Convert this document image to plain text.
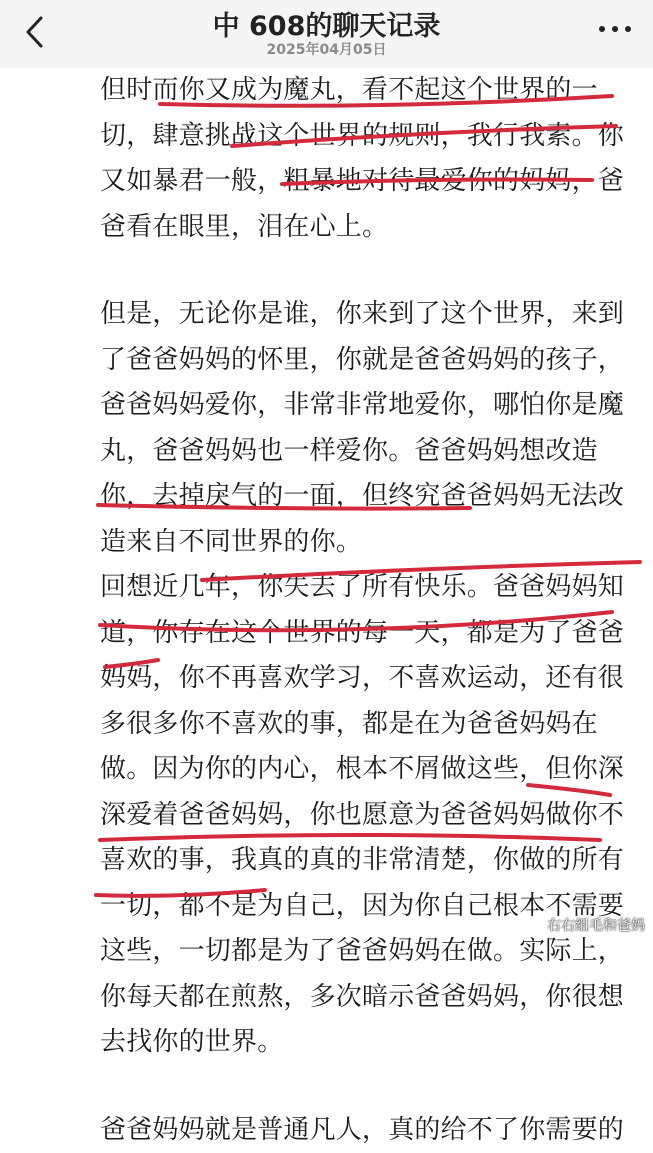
中 608的聊天记录
2025年04月05日
但时而你又成为魔丸，看不起这个世界的一
切，肆意挑战这个世界的规则，我行我素。你
又如暴君一般，粗暴地对待最爱你的妈妈，爸
爸看在眼里，泪在心上。
但是，无论你是谁，你来到了这个世界，来到
了爸爸妈妈的怀里，你就是爸爸妈妈的孩子，
爸爸妈妈爱你，非常非常地爱你，哪怕你是魔
丸，爸爸妈妈也一样爱你。爸爸妈妈想改造
你，去掉戾气的一面，但终究爸爸妈妈无法改
造来自不同世界的你。
回想近几年，你失去了所有快乐。爸爸妈妈知
道，你存在这个世界的每一天，都是为了爸爸
妈妈，你不再喜欢学习，不喜欢运动，还有很
多很多你不喜欢的事，都是在为爸爸妈妈在
做。因为你的内心，根本不屑做这些，但你深
深爱着爸爸妈妈，你也愿意为爸爸妈妈做你不
喜欢的事，我真的真的非常清楚，你做的所有
一切，都不是为自己，因为你自己根本不需要
这些，一切都是为了爸爸妈妈在做。实际上，
你每天都在煎熬，多次暗示爸爸妈妈，你很想
去找你的世界。
爸爸妈妈就是普通凡人，真的给不了你需要的
右右组毛和爸妈
